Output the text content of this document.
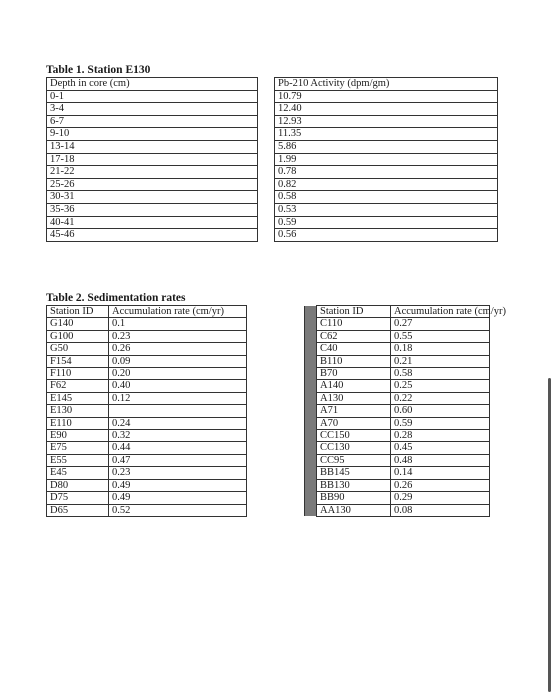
Table 1. Station E130
Depth in core (cm)		Pb-210 Activity (dpm/gm)
0-1		10.79
3-4		12.40
6-7		12.93
9-10		11.35
13-14		5.86
17-18		1.99
21-22		0.78
25-26		0.82
30-31		0.58
35-36		0.53
40-41		0.59
45-46		0.56
Table 2. Sedimentation rates
Station ID	Accumulation rate (cm/yr)			Station ID	Accumulation rate (cm/yr)
G140	0.1			C110	0.27
G100	0.23			C62	0.55
G50	0.26			C40	0.18
F154	0.09			B110	0.21
F110	0.20			B70	0.58
F62	0.40			A140	0.25
E145	0.12			A130	0.22
E130				A71	0.60
E110	0.24			A70	0.59
E90	0.32			CC150	0.28
E75	0.44			CC130	0.45
E55	0.47			CC95	0.48
E45	0.23			BB145	0.14
D80	0.49			BB130	0.26
D75	0.49			BB90	0.29
D65	0.52			AA130	0.08
